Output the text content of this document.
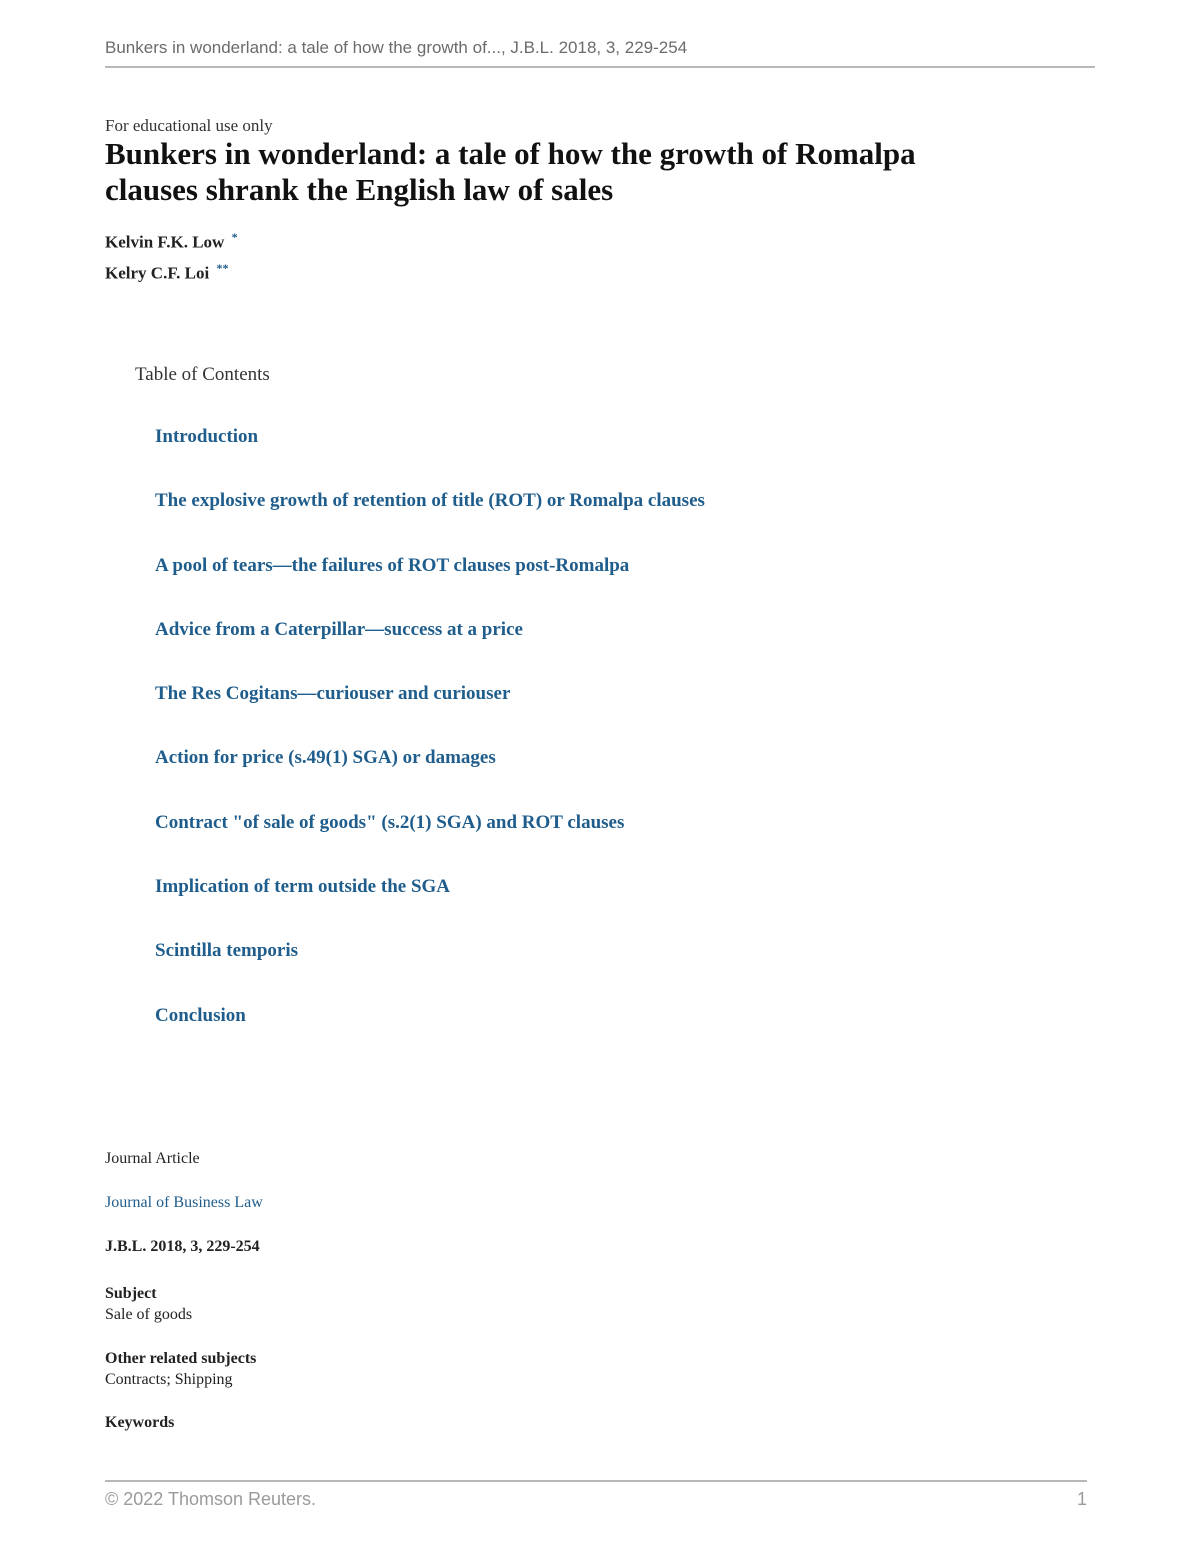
Bunkers in wonderland: a tale of how the growth of..., J.B.L. 2018, 3, 229-254
For educational use only
Bunkers in wonderland: a tale of how the growth of Romalpa clauses shrank the English law of sales
Kelvin F.K. Low *
Kelry C.F. Loi **
Table of Contents
Introduction
The explosive growth of retention of title (ROT) or Romalpa clauses
A pool of tears—the failures of ROT clauses post-Romalpa
Advice from a Caterpillar—success at a price
The Res Cogitans—curiouser and curiouser
Action for price (s.49(1) SGA) or damages
Contract "of sale of goods" (s.2(1) SGA) and ROT clauses
Implication of term outside the SGA
Scintilla temporis
Conclusion
Journal Article
Journal of Business Law
J.B.L. 2018, 3, 229-254
Subject
Sale of goods
Other related subjects
Contracts; Shipping
Keywords
© 2022 Thomson Reuters.	1
